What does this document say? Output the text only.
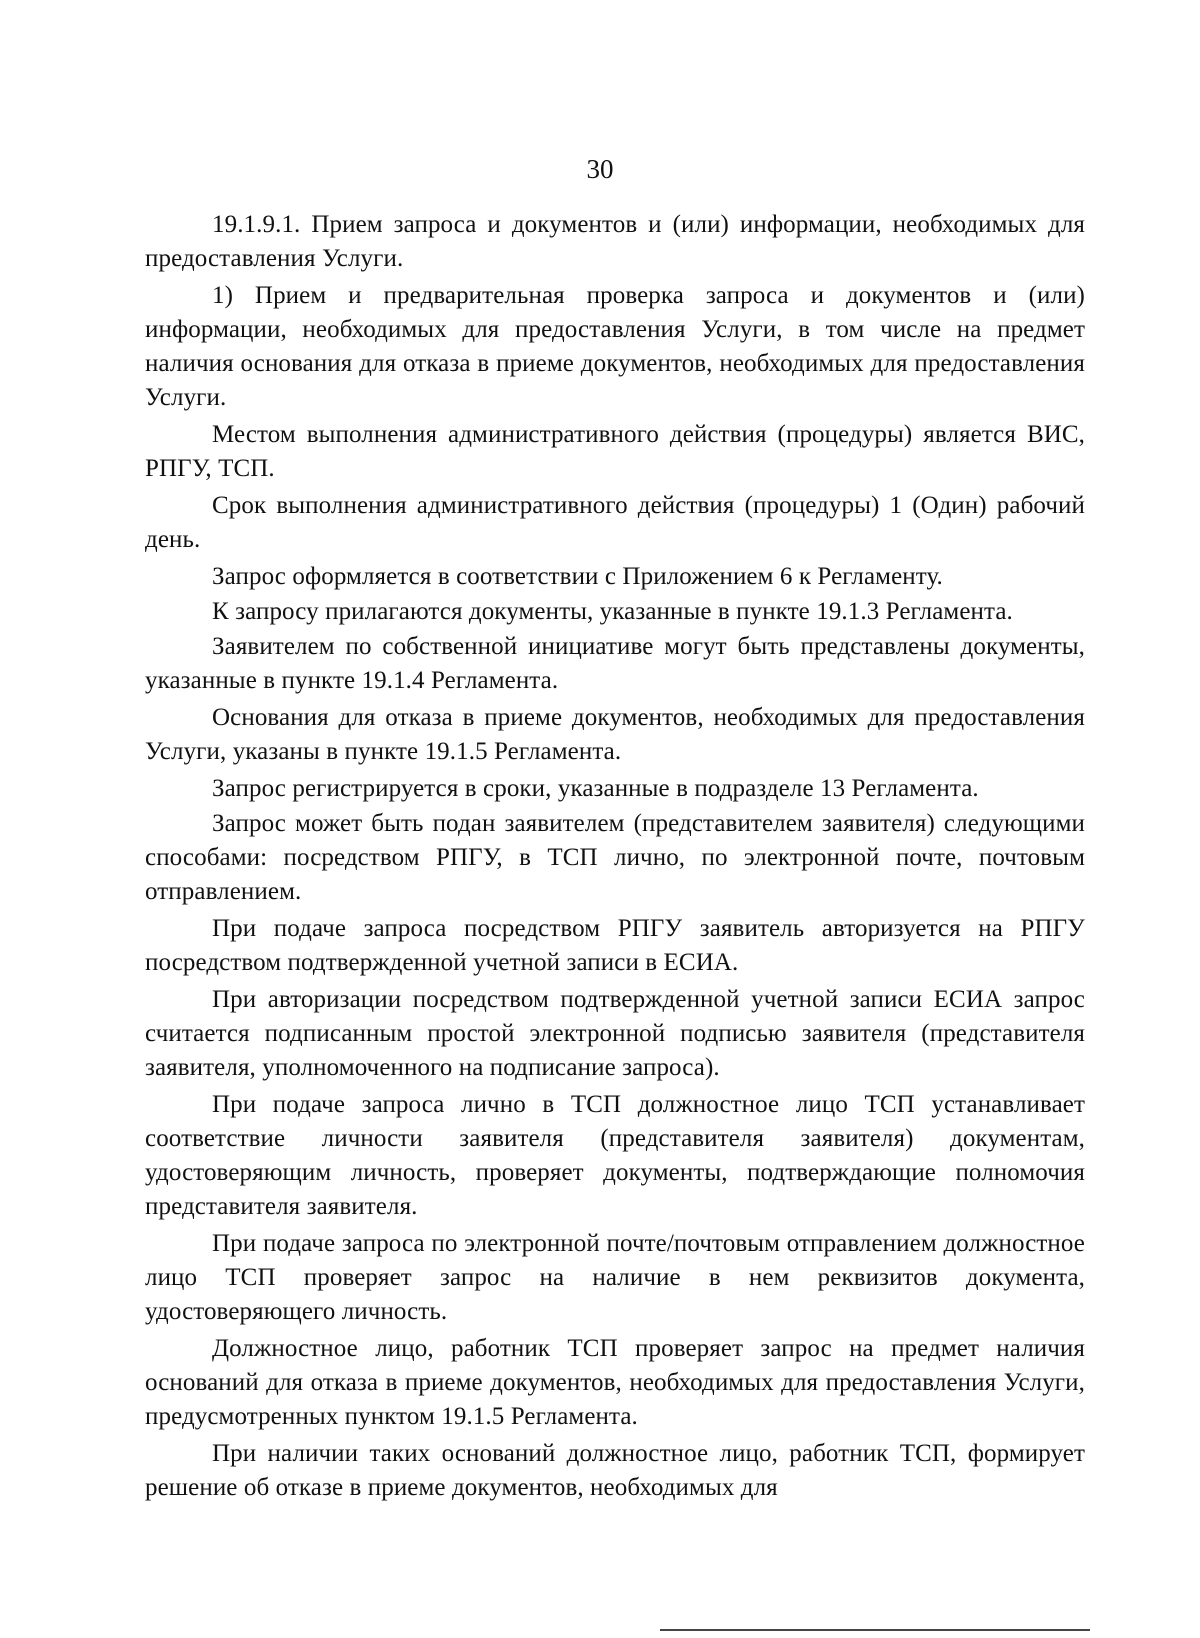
30

19.1.9.1. Прием запроса и документов и (или) информации, необходимых для предоставления Услуги.

1) Прием и предварительная проверка запроса и документов и (или) информации, необходимых для предоставления Услуги, в том числе на предмет наличия основания для отказа в приеме документов, необходимых для предоставления Услуги.

Местом выполнения административного действия (процедуры) является ВИС, РПГУ, ТСП.

Срок выполнения административного действия (процедуры) 1 (Один) рабочий день.

Запрос оформляется в соответствии с Приложением 6 к Регламенту.

К запросу прилагаются документы, указанные в пункте 19.1.3 Регламента.

Заявителем по собственной инициативе могут быть представлены документы, указанные в пункте 19.1.4 Регламента.

Основания для отказа в приеме документов, необходимых для предоставления Услуги, указаны в пункте 19.1.5 Регламента.

Запрос регистрируется в сроки, указанные в подразделе 13 Регламента.

Запрос может быть подан заявителем (представителем заявителя) следующими способами: посредством РПГУ, в ТСП лично, по электронной почте, почтовым отправлением.

При подаче запроса посредством РПГУ заявитель авторизуется на РПГУ посредством подтвержденной учетной записи в ЕСИА.

При авторизации посредством подтвержденной учетной записи ЕСИА запрос считается подписанным простой электронной подписью заявителя (представителя заявителя, уполномоченного на подписание запроса).

При подаче запроса лично в ТСП должностное лицо ТСП устанавливает соответствие личности заявителя (представителя заявителя) документам, удостоверяющим личность, проверяет документы, подтверждающие полномочия представителя заявителя.

При подаче запроса по электронной почте/почтовым отправлением должностное лицо ТСП проверяет запрос на наличие в нем реквизитов документа, удостоверяющего личность.

Должностное лицо, работник ТСП проверяет запрос на предмет наличия оснований для отказа в приеме документов, необходимых для предоставления Услуги, предусмотренных пунктом 19.1.5 Регламента.

При наличии таких оснований должностное лицо, работник ТСП, формирует решение об отказе в приеме документов, необходимых для
